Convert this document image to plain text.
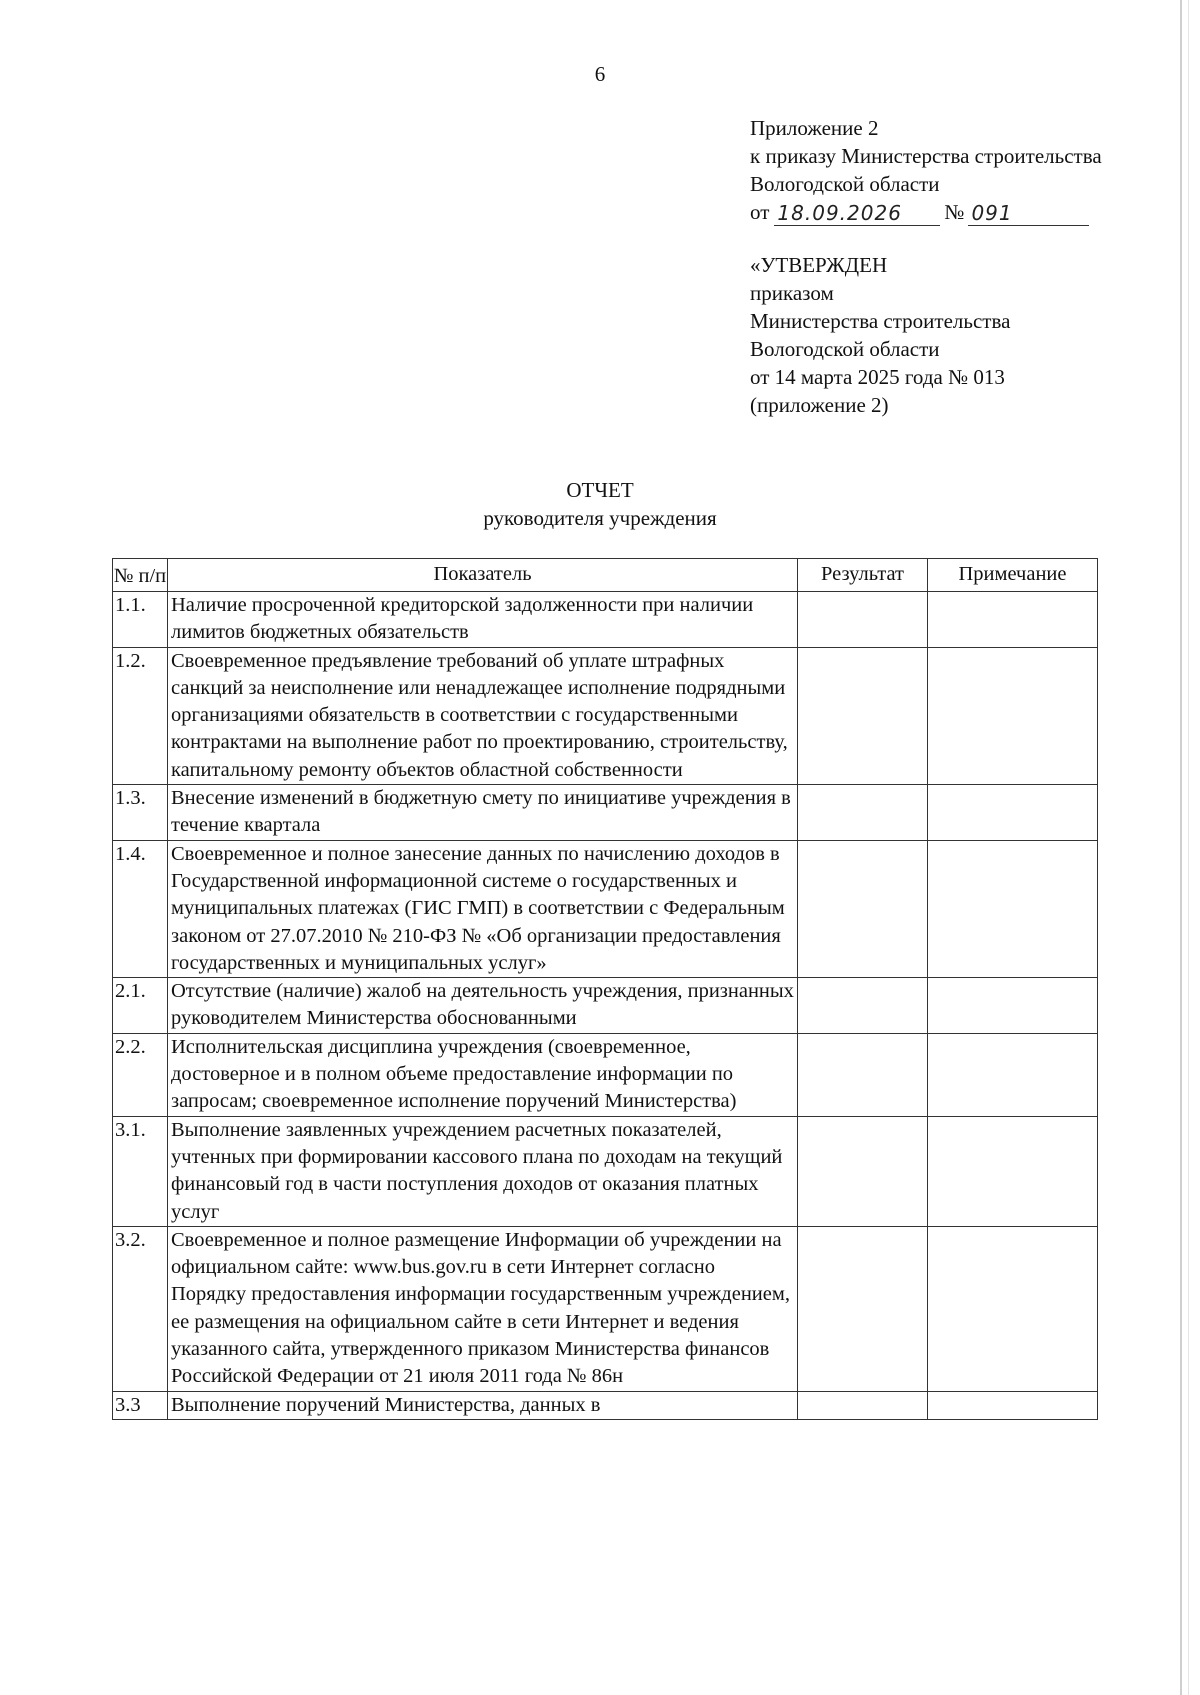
6
Приложение 2
к приказу Министерства строительства
Вологодской области
от 18.09.2026	№ 091
«УТВЕРЖДЕН
приказом
Министерства строительства
Вологодской области
от 14 марта 2025 года № 013
(приложение 2)
ОТЧЕТ
руководителя учреждения
№ п/п	Показатель	Результат	Примечание
1.1.	Наличие просроченной кредиторской задолженности при наличии лимитов бюджетных обязательств		
1.2.	Своевременное предъявление требований об уплате штрафных санкций за неисполнение или ненадлежащее исполнение подрядными организациями обязательств в соответствии с государственными контрактами на выполнение работ по проектированию, строительству, капитальному ремонту объектов областной собственности		
1.3.	Внесение изменений в бюджетную смету по инициативе учреждения в течение квартала		
1.4.	Своевременное и полное занесение данных по начислению доходов в Государственной информационной системе о государственных и муниципальных платежах (ГИС ГМП) в соответствии с Федеральным законом от 27.07.2010 № 210-ФЗ № «Об организации предоставления государственных и муниципальных услуг»		
2.1.	Отсутствие (наличие) жалоб на деятельность учреждения, признанных руководителем Министерства обоснованными		
2.2.	Исполнительская дисциплина учреждения (своевременное, достоверное и в полном объеме предоставление информации по запросам; своевременное исполнение поручений Министерства)		
3.1.	Выполнение заявленных учреждением расчетных показателей, учтенных при формировании кассового плана по доходам на текущий финансовый год в части поступления доходов от оказания платных услуг		
3.2.	Своевременное и полное размещение Информации об учреждении на официальном сайте: www.bus.gov.ru в сети Интернет согласно Порядку предоставления информации государственным учреждением, ее размещения на официальном сайте в сети Интернет и ведения указанного сайта, утвержденного приказом Министерства финансов Российской Федерации от 21 июля 2011 года № 86н		
3.3	Выполнение поручений Министерства, данных в		
